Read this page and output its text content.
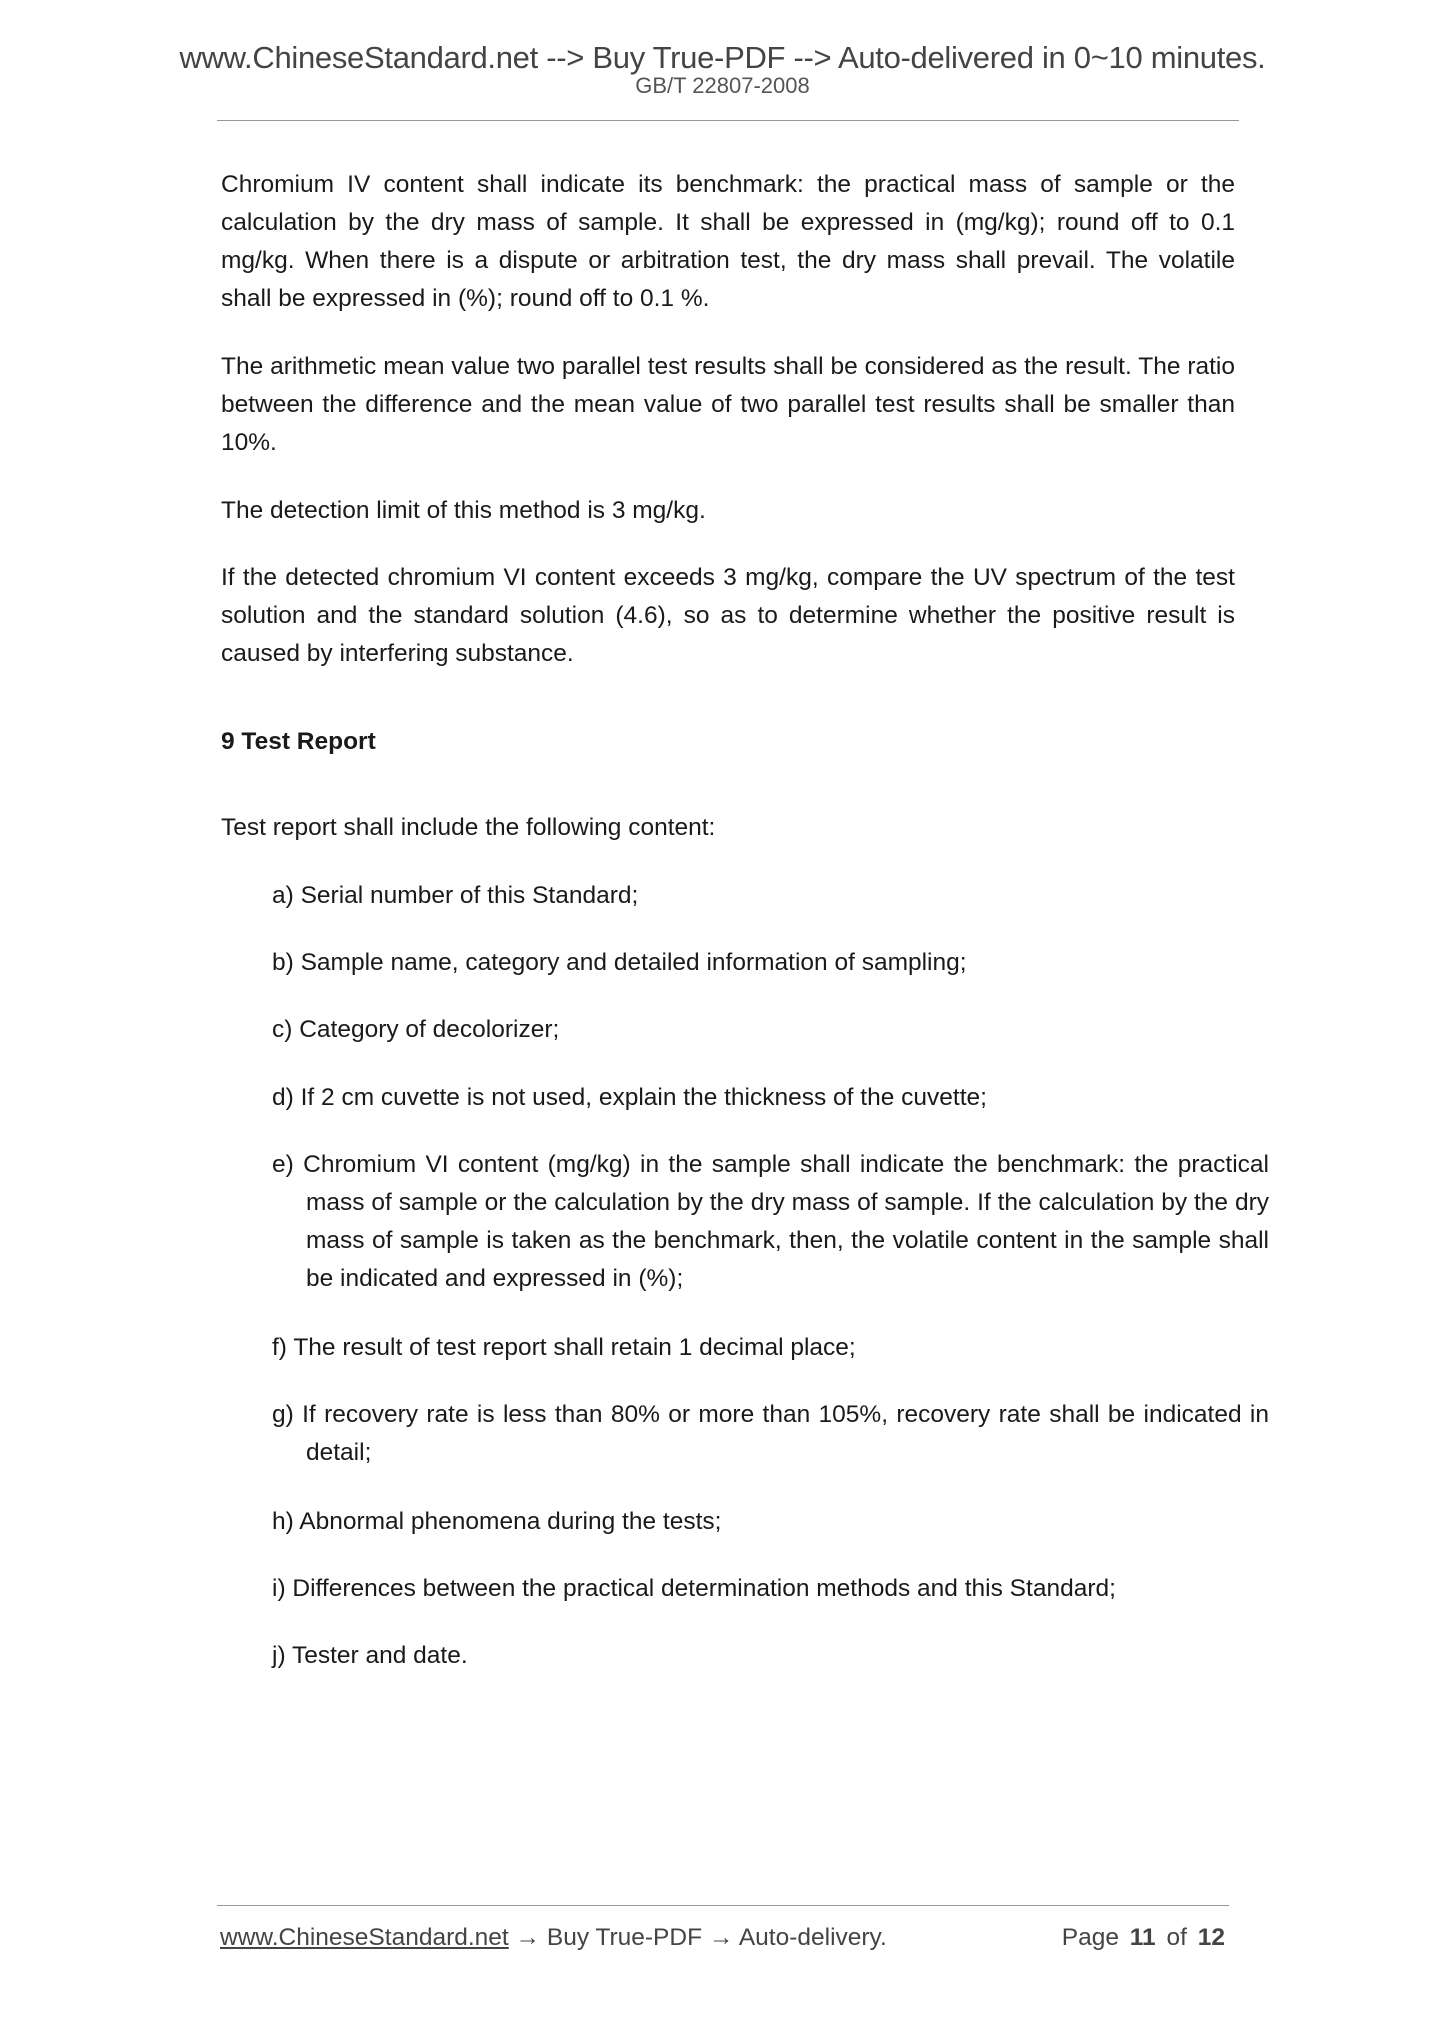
www.ChineseStandard.net --> Buy True-PDF --> Auto-delivered in 0~10 minutes.
GB/T 22807-2008
Chromium IV content shall indicate its benchmark: the practical mass of sample or the calculation by the dry mass of sample. It shall be expressed in (mg/kg); round off to 0.1 mg/kg. When there is a dispute or arbitration test, the dry mass shall prevail. The volatile shall be expressed in (%); round off to 0.1 %.
The arithmetic mean value two parallel test results shall be considered as the result. The ratio between the difference and the mean value of two parallel test results shall be smaller than 10%.
The detection limit of this method is 3 mg/kg.
If the detected chromium VI content exceeds 3 mg/kg, compare the UV spectrum of the test solution and the standard solution (4.6), so as to determine whether the positive result is caused by interfering substance.
9 Test Report
Test report shall include the following content:
a) Serial number of this Standard;
b) Sample name, category and detailed information of sampling;
c) Category of decolorizer;
d) If 2 cm cuvette is not used, explain the thickness of the cuvette;
e) Chromium VI content (mg/kg) in the sample shall indicate the benchmark: the practical mass of sample or the calculation by the dry mass of sample. If the calculation by the dry mass of sample is taken as the benchmark, then, the volatile content in the sample shall be indicated and expressed in (%);
f) The result of test report shall retain 1 decimal place;
g) If recovery rate is less than 80% or more than 105%, recovery rate shall be indicated in detail;
h) Abnormal phenomena during the tests;
i) Differences between the practical determination methods and this Standard;
j) Tester and date.
www.ChineseStandard.net → Buy True-PDF → Auto-delivery.	Page 11 of 12
